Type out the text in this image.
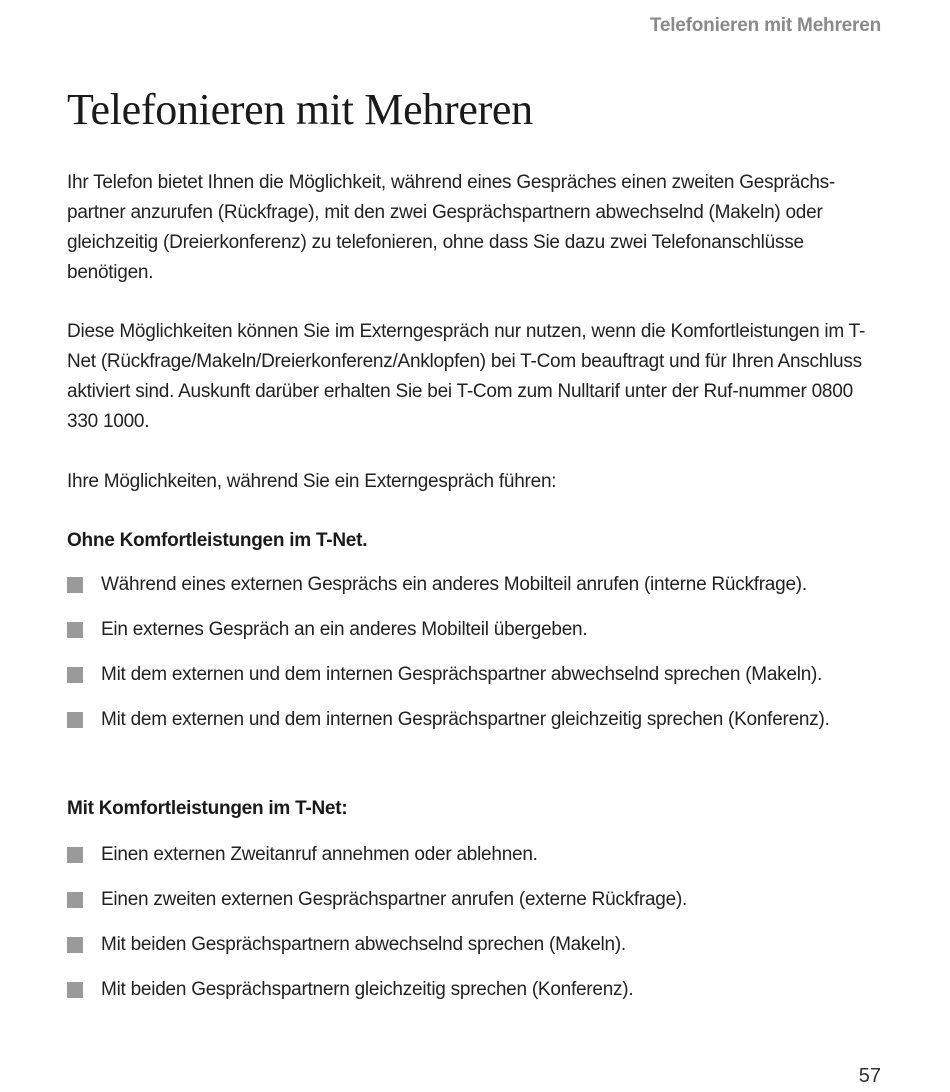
Telefonieren mit Mehreren
Telefonieren mit Mehreren

Ihr Telefon bietet Ihnen die Möglichkeit, während eines Gespräches einen zweiten Gesprächs-partner anzurufen (Rückfrage), mit den zwei Gesprächspartnern abwechselnd (Makeln) oder gleichzeitig (Dreierkonferenz) zu telefonieren, ohne dass Sie dazu zwei Telefonanschlüsse benötigen.

Diese Möglichkeiten können Sie im Externgespräch nur nutzen, wenn die Komfortleistungen im T-Net (Rückfrage/Makeln/Dreierkonferenz/Anklopfen) bei T-Com beauftragt und für Ihren Anschluss aktiviert sind. Auskunft darüber erhalten Sie bei T-Com zum Nulltarif unter der Ruf-nummer 0800 330 1000.

Ihre Möglichkeiten, während Sie ein Externgespräch führen:

Ohne Komfortleistungen im T-Net.
Während eines externen Gesprächs ein anderes Mobilteil anrufen (interne Rückfrage).
Ein externes Gespräch an ein anderes Mobilteil übergeben.
Mit dem externen und dem internen Gesprächspartner abwechselnd sprechen (Makeln).
Mit dem externen und dem internen Gesprächspartner gleichzeitig sprechen (Konferenz).
Mit Komfortleistungen im T-Net:
Einen externen Zweitanruf annehmen oder ablehnen.
Einen zweiten externen Gesprächspartner anrufen (externe Rückfrage).
Mit beiden Gesprächspartnern abwechselnd sprechen (Makeln).
Mit beiden Gesprächspartnern gleichzeitig sprechen (Konferenz).
57
